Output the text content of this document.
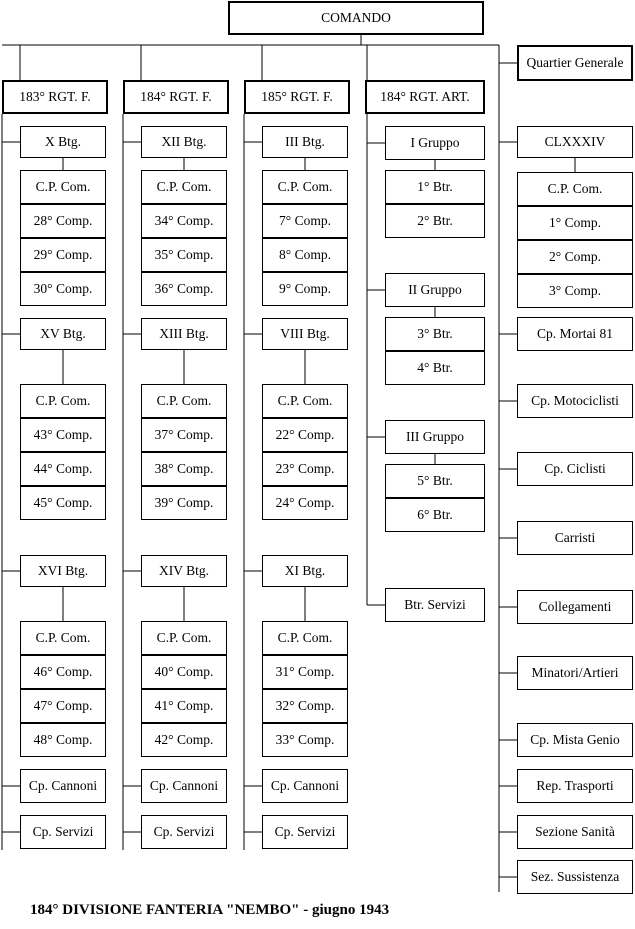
COMANDO
Quartier Generale
183° RGT. F.
X Btg.
C.P. Com.
28° Comp.
29° Comp.
30° Comp.
XV Btg.
C.P. Com.
43° Comp.
44° Comp.
45° Comp.
XVI Btg.
C.P. Com.
46° Comp.
47° Comp.
48° Comp.
Cp. Cannoni
Cp. Servizi
184° RGT. F.
XII Btg.
C.P. Com.
34° Comp.
35° Comp.
36° Comp.
XIII Btg.
C.P. Com.
37° Comp.
38° Comp.
39° Comp.
XIV Btg.
C.P. Com.
40° Comp.
41° Comp.
42° Comp.
Cp. Cannoni
Cp. Servizi
185° RGT. F.
III Btg.
C.P. Com.
7° Comp.
8° Comp.
9° Comp.
VIII Btg.
C.P. Com.
22° Comp.
23° Comp.
24° Comp.
XI Btg.
C.P. Com.
31° Comp.
32° Comp.
33° Comp.
Cp. Cannoni
Cp. Servizi
184° RGT. ART.
I Gruppo
1° Btr.
2° Btr.
II Gruppo
3° Btr.
4° Btr.
III Gruppo
5° Btr.
6° Btr.
Btr. Servizi
CLXXXIV
C.P. Com.
1° Comp.
2° Comp.
3° Comp.
Cp. Mortai 81
Cp. Motociclisti
Cp. Ciclisti
Carristi
Collegamenti
Minatori/Artieri
Cp. Mista Genio
Rep. Trasporti
Sezione Sanità
Sez. Sussistenza
184° DIVISIONE FANTERIA "NEMBO" - giugno 1943
